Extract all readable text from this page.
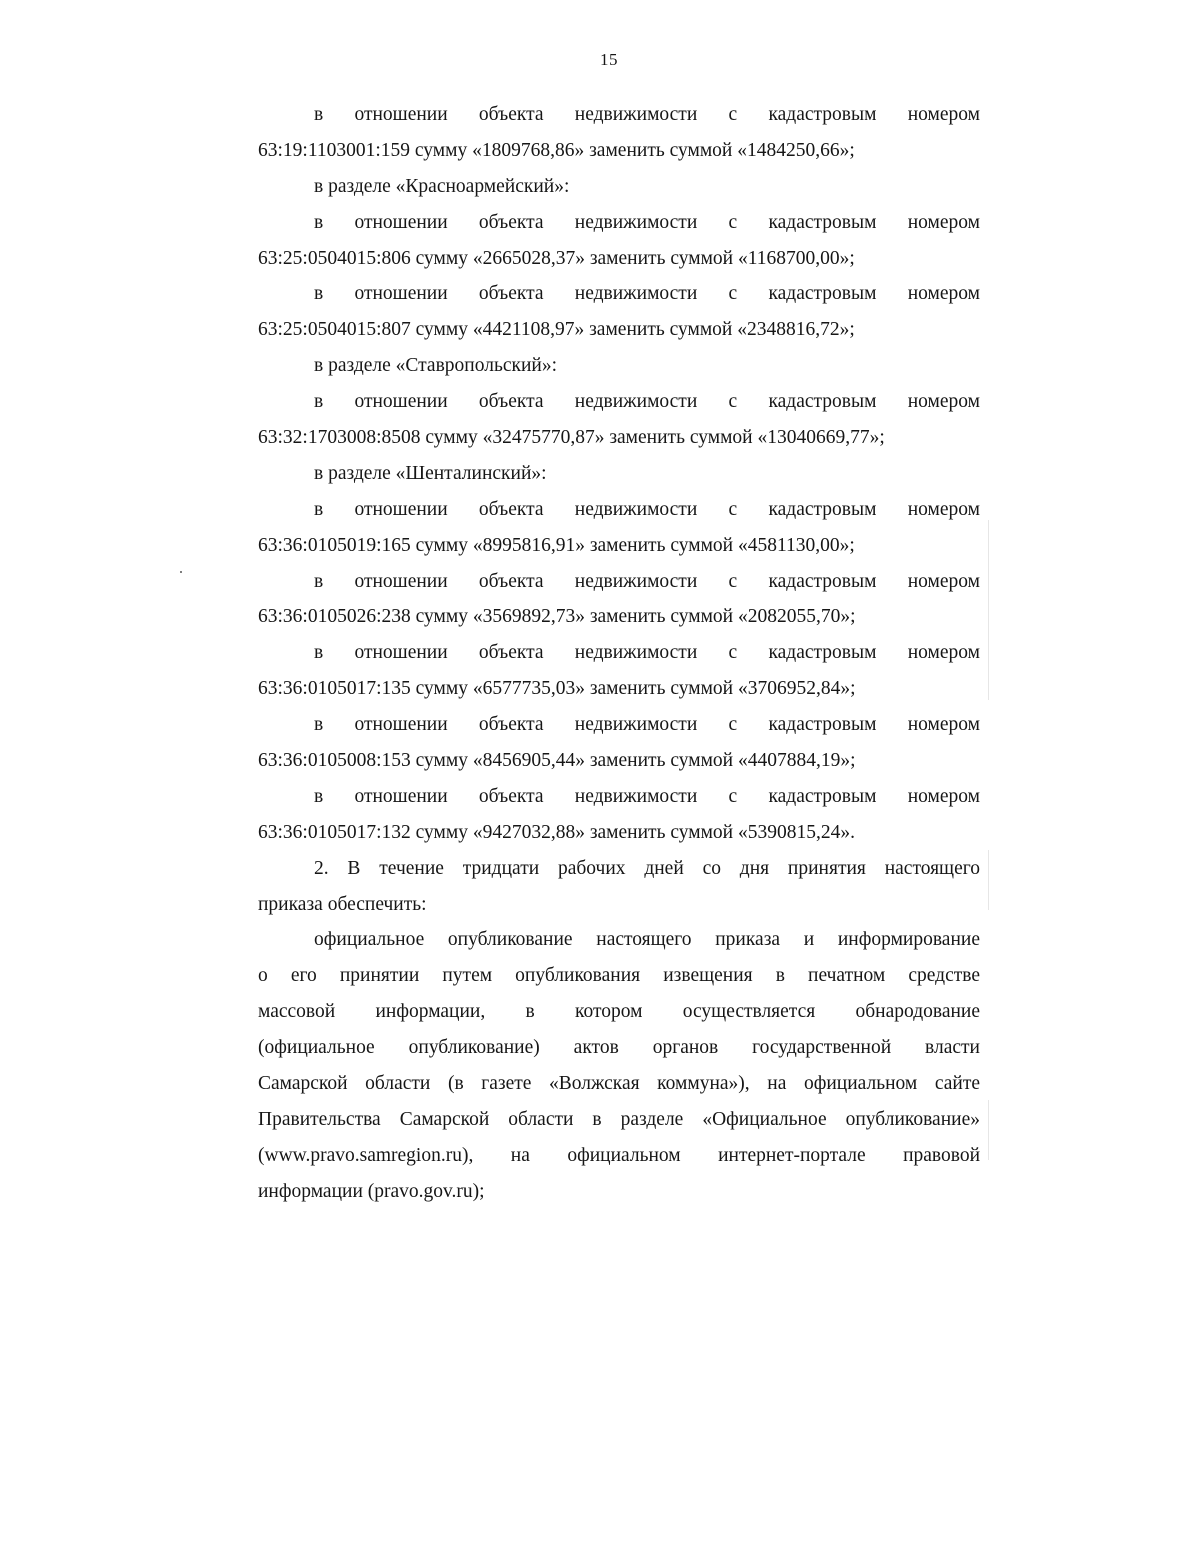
15
в отношении объекта недвижимости с кадастровым номером
63:19:1103001:159 сумму «1809768,86» заменить суммой «1484250,66»;
в разделе «Красноармейский»:
в отношении объекта недвижимости с кадастровым номером
63:25:0504015:806 сумму «2665028,37» заменить суммой «1168700,00»;
в отношении объекта недвижимости с кадастровым номером
63:25:0504015:807 сумму «4421108,97» заменить суммой «2348816,72»;
в разделе «Ставропольский»:
в отношении объекта недвижимости с кадастровым номером
63:32:1703008:8508 сумму «32475770,87» заменить суммой «13040669,77»;
в разделе «Шенталинский»:
в отношении объекта недвижимости с кадастровым номером
63:36:0105019:165 сумму «8995816,91» заменить суммой «4581130,00»;
в отношении объекта недвижимости с кадастровым номером
63:36:0105026:238 сумму «3569892,73» заменить суммой «2082055,70»;
в отношении объекта недвижимости с кадастровым номером
63:36:0105017:135 сумму «6577735,03» заменить суммой «3706952,84»;
в отношении объекта недвижимости с кадастровым номером
63:36:0105008:153 сумму «8456905,44» заменить суммой «4407884,19»;
в отношении объекта недвижимости с кадастровым номером
63:36:0105017:132 сумму «9427032,88» заменить суммой «5390815,24».
2. В течение тридцати рабочих дней со дня принятия настоящего
приказа обеспечить:
официальное опубликование настоящего приказа и информирование
о его принятии путем опубликования извещения в печатном средстве
массовой информации, в котором осуществляется обнародование
(официальное опубликование) актов органов государственной власти
Самарской области (в газете «Волжская коммуна»), на официальном сайте
Правительства Самарской области в разделе «Официальное опубликование»
(www.pravo.samregion.ru), на официальном интернет-портале правовой
информации (pravo.gov.ru);
